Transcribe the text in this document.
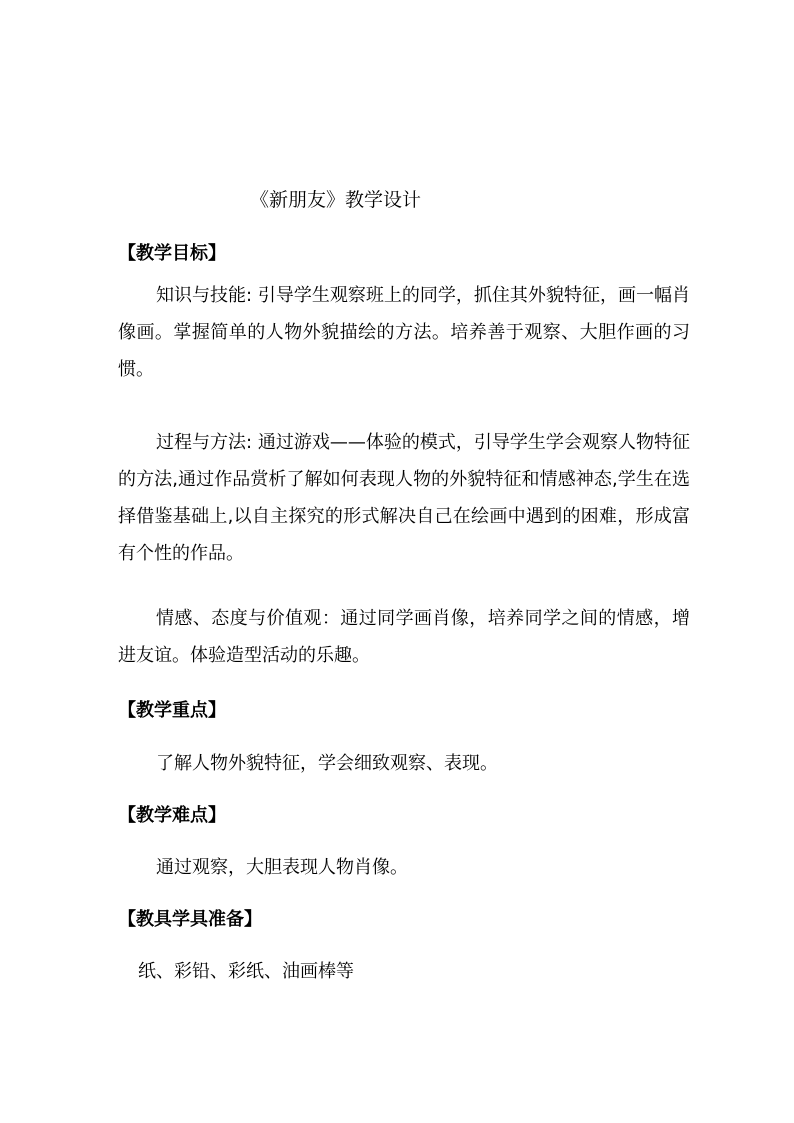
《新朋友》教学设计
【教学目标】

知识与技能: 引导学生观察班上的同学，抓住其外貌特征，画一幅肖像画。掌握简单的人物外貌描绘的方法。培养善于观察、大胆作画的习惯。

过程与方法: 通过游戏——体验的模式，引导学生学会观察人物特征的方法,通过作品赏析了解如何表现人物的外貌特征和情感神态,学生在选择借鉴基础上,以自主探究的形式解决自己在绘画中遇到的困难，形成富有个性的作品。

情感、态度与价值观：通过同学画肖像，培养同学之间的情感，增进友谊。体验造型活动的乐趣。

【教学重点】
了解人物外貌特征，学会细致观察、表现。
【教学难点】
通过观察，大胆表现人物肖像。
【教具学具准备】
纸、彩铅、彩纸、油画棒等
